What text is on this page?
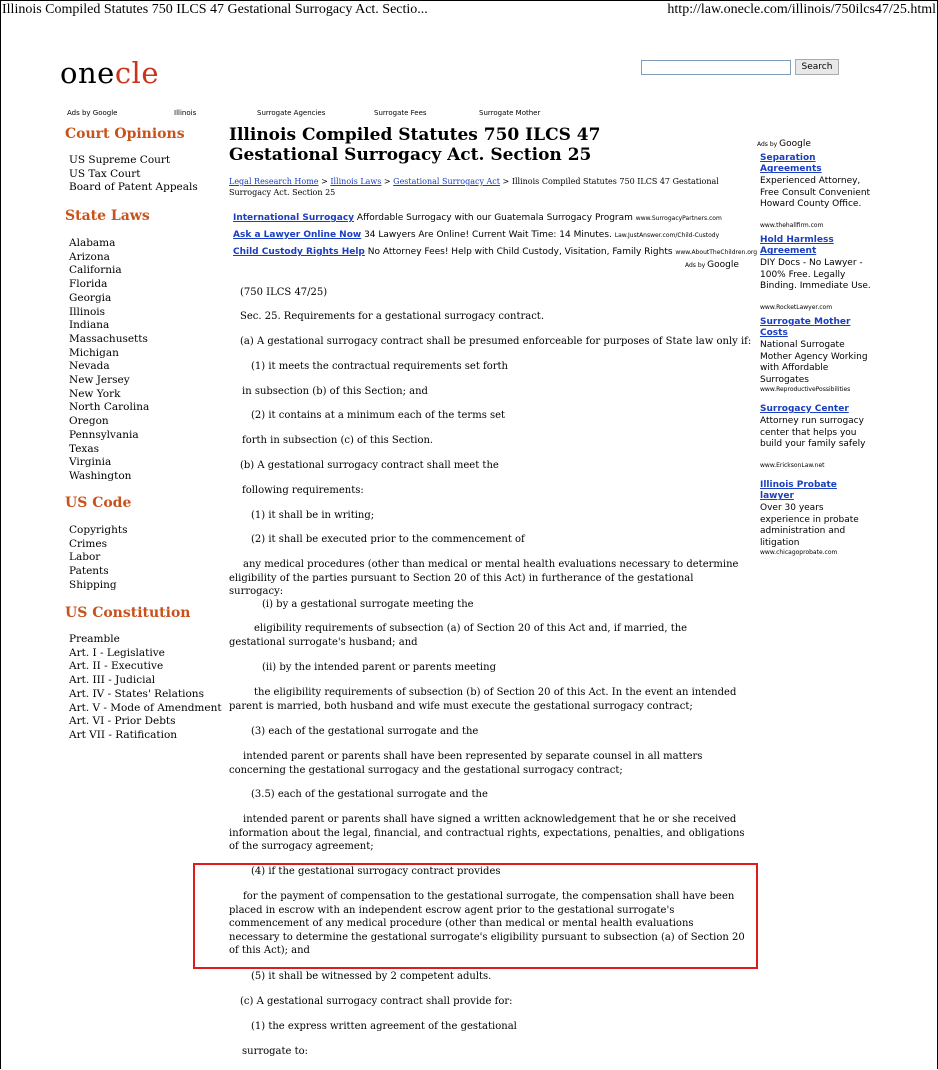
Illinois Compiled Statutes 750 ILCS 47 Gestational Surrogacy Act. Sectio...	http://law.onecle.com/illinois/750ilcs47/25.html
onecle	Search
Ads by Google	Illinois	Surrogate Agencies	Surrogate Fees	Surrogate Mother
Court Opinions
US Supreme Court
US Tax Court
Board of Patent Appeals
State Laws
Alabama
Arizona
California
Florida
Georgia
Illinois
Indiana
Massachusetts
Michigan
Nevada
New Jersey
New York
North Carolina
Oregon
Pennsylvania
Texas
Virginia
Washington
US Code
Copyrights
Crimes
Labor
Patents
Shipping
US Constitution
Preamble
Art. I - Legislative
Art. II - Executive
Art. III - Judicial
Art. IV - States' Relations
Art. V - Mode of Amendment
Art. VI - Prior Debts
Art VII - Ratification
Illinois Compiled Statutes 750 ILCS 47 Gestational Surrogacy Act. Section 25
Legal Research Home > Illinois Laws > Gestational Surrogacy Act > Illinois Compiled Statutes 750 ILCS 47 Gestational Surrogacy Act. Section 25
International Surrogacy Affordable Surrogacy with our Guatemala Surrogacy Program www.SurrogacyPartners.com
Ask a Lawyer Online Now 34 Lawyers Are Online! Current Wait Time: 14 Minutes. Law.JustAnswer.com/Child-Custody
Child Custody Rights Help No Attorney Fees! Help with Child Custody, Visitation, Family Rights www.AboutTheChildren.org
Ads by Google
(750 ILCS 47/25)
Sec. 25. Requirements for a gestational surrogacy contract.
(a) A gestational surrogacy contract shall be presumed enforceable for purposes of State law only if:
(1) it meets the contractual requirements set forth
in subsection (b) of this Section; and
(2) it contains at a minimum each of the terms set
forth in subsection (c) of this Section.
(b) A gestational surrogacy contract shall meet the
following requirements:
(1) it shall be in writing;
(2) it shall be executed prior to the commencement of
any medical procedures (other than medical or mental health evaluations necessary to determine eligibility of the parties pursuant to Section 20 of this Act) in furtherance of the gestational surrogacy:
(i) by a gestational surrogate meeting the
eligibility requirements of subsection (a) of Section 20 of this Act and, if married, the gestational surrogate's husband; and
(ii) by the intended parent or parents meeting
the eligibility requirements of subsection (b) of Section 20 of this Act. In the event an intended parent is married, both husband and wife must execute the gestational surrogacy contract;
(3) each of the gestational surrogate and the
intended parent or parents shall have been represented by separate counsel in all matters concerning the gestational surrogacy and the gestational surrogacy contract;
(3.5) each of the gestational surrogate and the
intended parent or parents shall have signed a written acknowledgement that he or she received information about the legal, financial, and contractual rights, expectations, penalties, and obligations of the surrogacy agreement;
(4) if the gestational surrogacy contract provides
for the payment of compensation to the gestational surrogate, the compensation shall have been placed in escrow with an independent escrow agent prior to the gestational surrogate's commencement of any medical procedure (other than medical or mental health evaluations necessary to determine the gestational surrogate's eligibility pursuant to subsection (a) of Section 20 of this Act); and
(5) it shall be witnessed by 2 competent adults.
(c) A gestational surrogacy contract shall provide for:
(1) the express written agreement of the gestational
surrogate to:
Ads by Google
Separation Agreements
Experienced Attorney, Free Consult Convenient Howard County Office.
www.thehallfirm.com
Hold Harmless Agreement
DIY Docs - No Lawyer - 100% Free. Legally Binding. Immediate Use.
www.RocketLawyer.com
Surrogate Mother Costs
National Surrogate Mother Agency Working with Affordable Surrogates
www.ReproductivePossibilities
Surrogacy Center
Attorney run surrogacy center that helps you build your family safely
www.EricksonLaw.net
Illinois Probate lawyer
Over 30 years experience in probate administration and litigation
www.chicagoprobate.com
